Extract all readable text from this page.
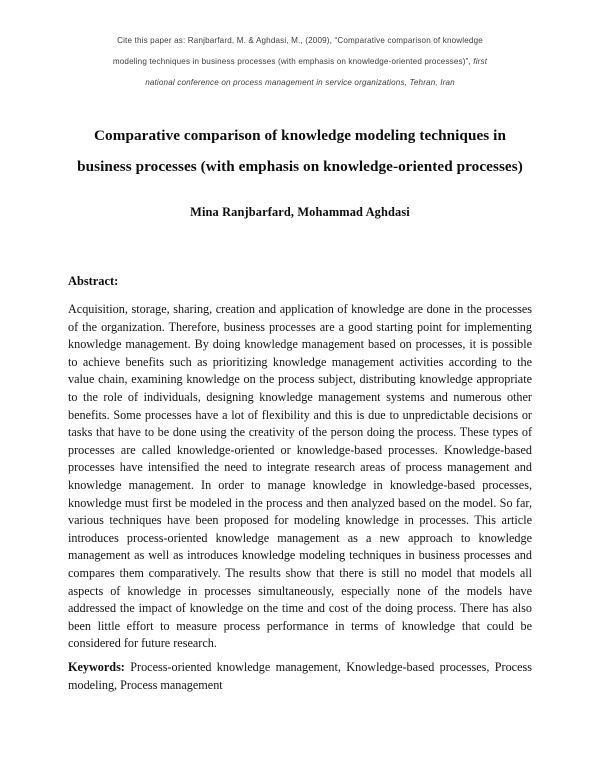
Cite this paper as: Ranjbarfard, M. & Aghdasi, M., (2009), “Comparative comparison of knowledge
modeling techniques in business processes (with emphasis on knowledge-oriented processes)”, first
national conference on process management in service organizations, Tehran, Iran
Comparative comparison of knowledge modeling techniques in
business processes (with emphasis on knowledge-oriented processes)
Mina Ranjbarfard, Mohammad Aghdasi
Abstract:

Acquisition, storage, sharing, creation and application of knowledge are done in the processes of the organization. Therefore, business processes are a good starting point for implementing knowledge management. By doing knowledge management based on processes, it is possible to achieve benefits such as prioritizing knowledge management activities according to the value chain, examining knowledge on the process subject, distributing knowledge appropriate to the role of individuals, designing knowledge management systems and numerous other benefits. Some processes have a lot of flexibility and this is due to unpredictable decisions or tasks that have to be done using the creativity of the person doing the process. These types of processes are called knowledge-oriented or knowledge-based processes. Knowledge-based processes have intensified the need to integrate research areas of process management and knowledge management. In order to manage knowledge in knowledge-based processes, knowledge must first be modeled in the process and then analyzed based on the model. So far, various techniques have been proposed for modeling knowledge in processes. This article introduces process-oriented knowledge management as a new approach to knowledge management as well as introduces knowledge modeling techniques in business processes and compares them comparatively. The results show that there is still no model that models all aspects of knowledge in processes simultaneously, especially none of the models have addressed the impact of knowledge on the time and cost of the doing process. There has also been little effort to measure process performance in terms of knowledge that could be considered for future research.

Keywords: Process-oriented knowledge management, Knowledge-based processes, Process modeling, Process management
